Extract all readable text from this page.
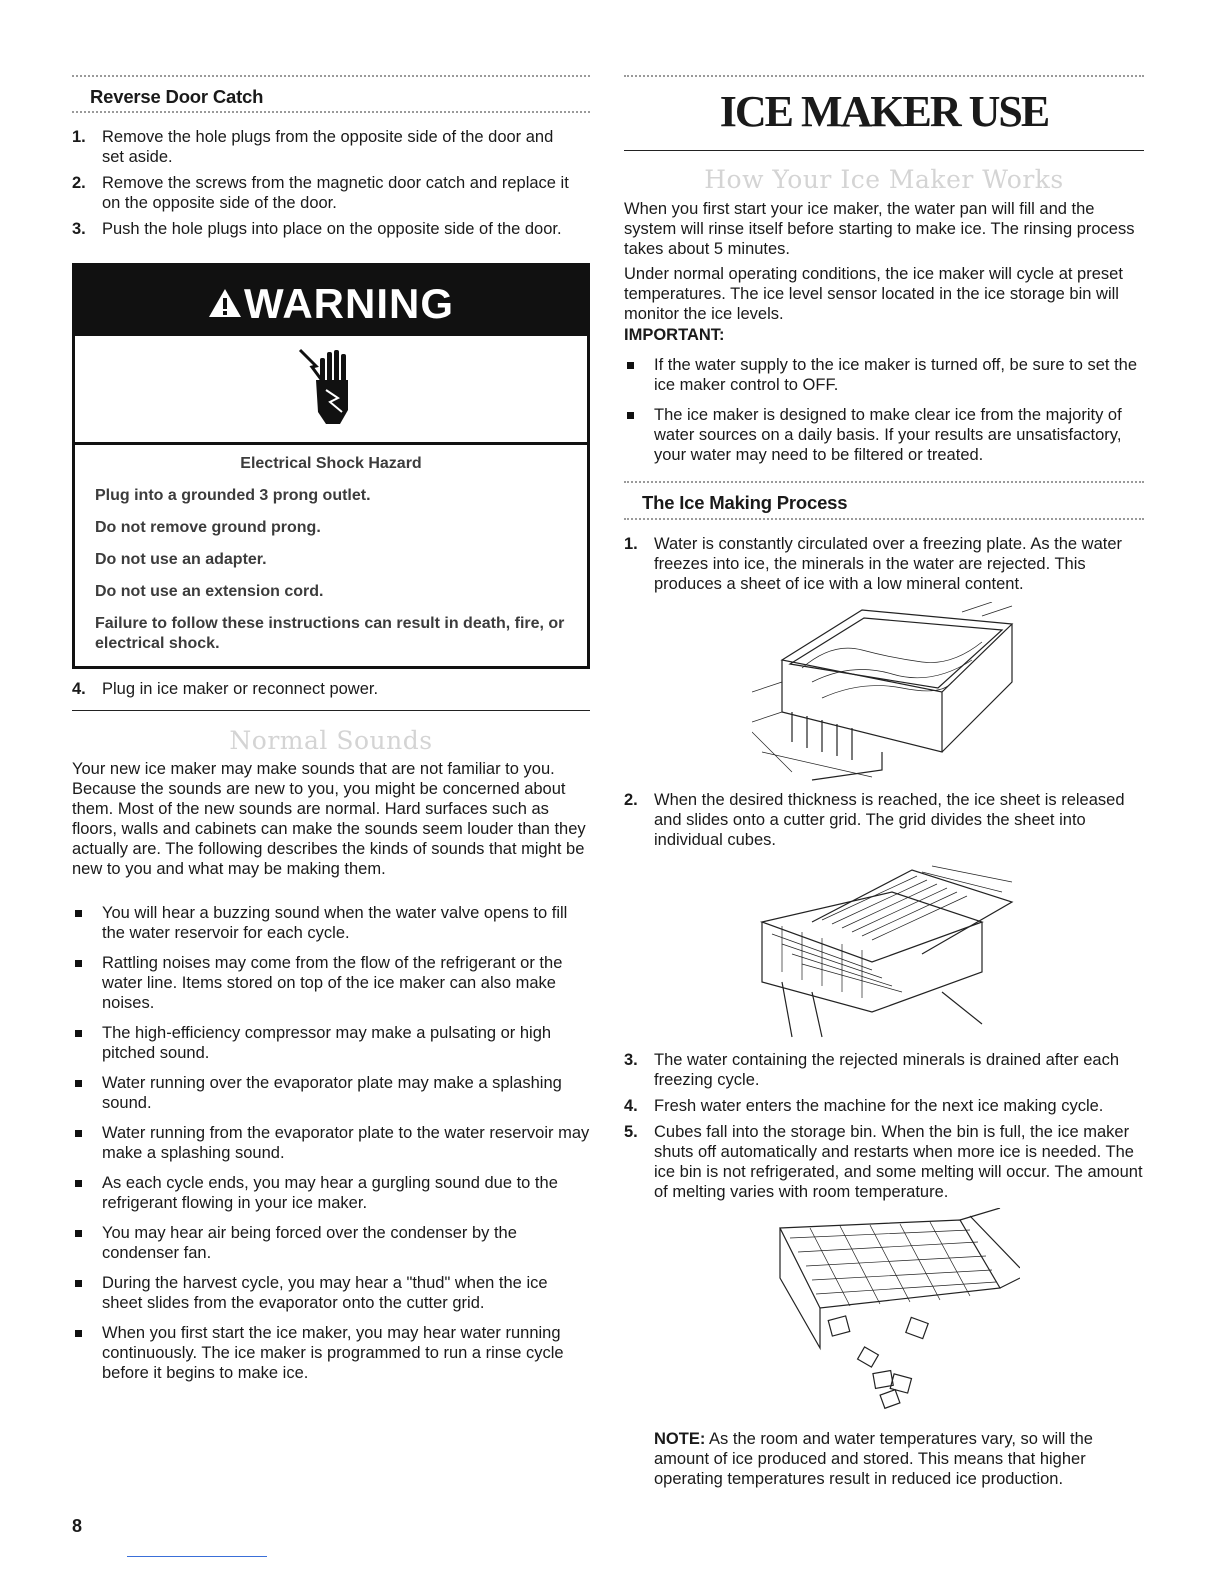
Reverse Door Catch
1. Remove the hole plugs from the opposite side of the door and set aside.
2. Remove the screws from the magnetic door catch and replace it on the opposite side of the door.
3. Push the hole plugs into place on the opposite side of the door.
WARNING
Electrical Shock Hazard
Plug into a grounded 3 prong outlet.
Do not remove ground prong.
Do not use an adapter.
Do not use an extension cord.
Failure to follow these instructions can result in death, fire, or electrical shock.
4. Plug in ice maker or reconnect power.
Normal Sounds

Your new ice maker may make sounds that are not familiar to you. Because the sounds are new to you, you might be concerned about them. Most of the new sounds are normal. Hard surfaces such as floors, walls and cabinets can make the sounds seem louder than they actually are. The following describes the kinds of sounds that might be new to you and what may be making them.

You will hear a buzzing sound when the water valve opens to fill the water reservoir for each cycle.
Rattling noises may come from the flow of the refrigerant or the water line. Items stored on top of the ice maker can also make noises.
The high-efficiency compressor may make a pulsating or high pitched sound.
Water running over the evaporator plate may make a splashing sound.
Water running from the evaporator plate to the water reservoir may make a splashing sound.
As each cycle ends, you may hear a gurgling sound due to the refrigerant flowing in your ice maker.
You may hear air being forced over the condenser by the condenser fan.
During the harvest cycle, you may hear a "thud" when the ice sheet slides from the evaporator onto the cutter grid.
When you first start the ice maker, you may hear water running continuously. The ice maker is programmed to run a rinse cycle before it begins to make ice.
8
ICE MAKER USE
How Your Ice Maker Works

When you first start your ice maker, the water pan will fill and the system will rinse itself before starting to make ice. The rinsing process takes about 5 minutes.

Under normal operating conditions, the ice maker will cycle at preset temperatures. The ice level sensor located in the ice storage bin will monitor the ice levels.

IMPORTANT:
If the water supply to the ice maker is turned off, be sure to set the ice maker control to OFF.
The ice maker is designed to make clear ice from the majority of water sources on a daily basis. If your results are unsatisfactory, your water may need to be filtered or treated.
The Ice Making Process
1. Water is constantly circulated over a freezing plate. As the water freezes into ice, the minerals in the water are rejected. This produces a sheet of ice with a low mineral content.
2. When the desired thickness is reached, the ice sheet is released and slides onto a cutter grid. The grid divides the sheet into individual cubes.
3. The water containing the rejected minerals is drained after each freezing cycle.
4. Fresh water enters the machine for the next ice making cycle.
5. Cubes fall into the storage bin. When the bin is full, the ice maker shuts off automatically and restarts when more ice is needed. The ice bin is not refrigerated, and some melting will occur. The amount of melting varies with room temperature.

NOTE: As the room and water temperatures vary, so will the amount of ice produced and stored. This means that higher operating temperatures result in reduced ice production.
